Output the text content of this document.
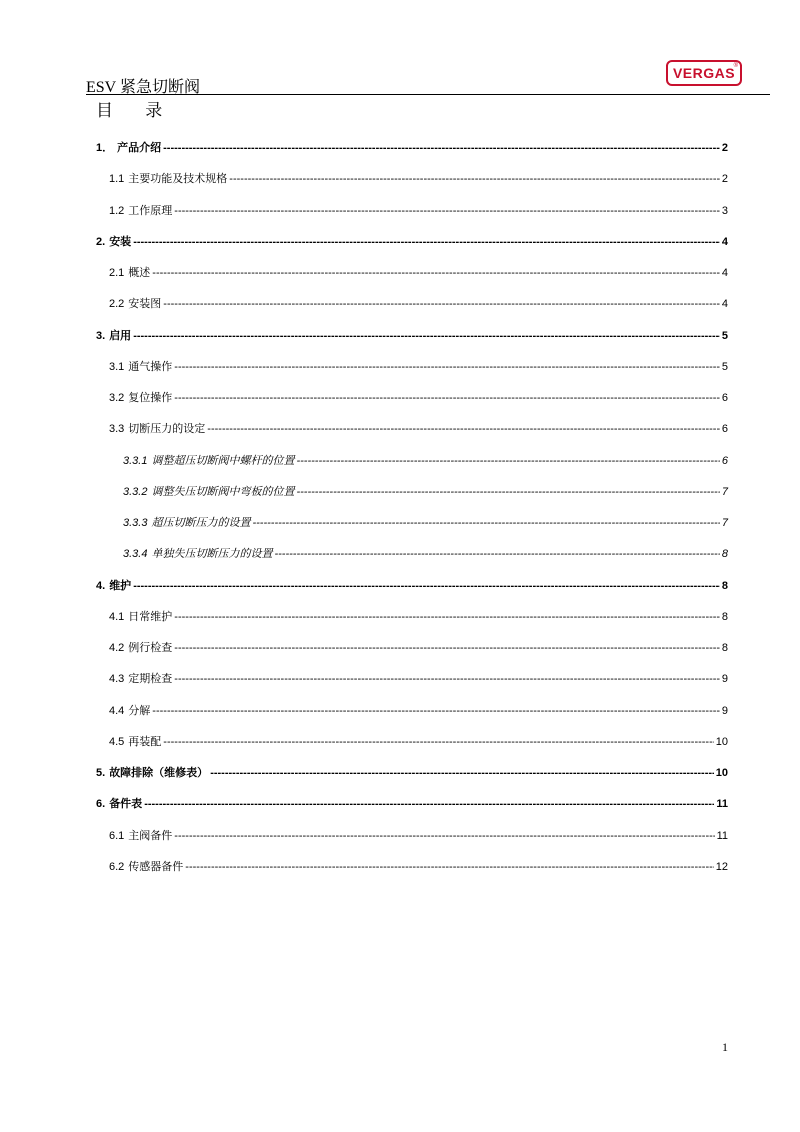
ESV 紧急切断阀
VERGAS
®
目 录
1． 产品介绍 -----	2
1.1 主要功能及技术规格 -----	2
1.2 工作原理 -----	3
2. 安装 -----	4
2.1 概述 -----	4
2.2 安装图 -----	4
3. 启用 -----	5
3.1 通气操作 -----	5
3.2 复位操作 -----	6
3.3 切断压力的设定 -----	6
3.3.1 调整超压切断阀中螺杆的位置 -----	6
3.3.2 调整失压切断阀中弯板的位置 -----	7
3.3.3 超压切断压力的设置 -----	7
3.3.4 单独失压切断压力的设置 -----	8
4. 维护 -----	8
4.1 日常维护 -----	8
4.2 例行检查 -----	8
4.3 定期检查 -----	9
4.4 分解 -----	9
4.5 再装配 -----	10
5. 故障排除（维修表） -----	10
6. 备件表 -----	11
6.1 主阀备件 -----	11
6.2 传感器备件 -----	12
1
